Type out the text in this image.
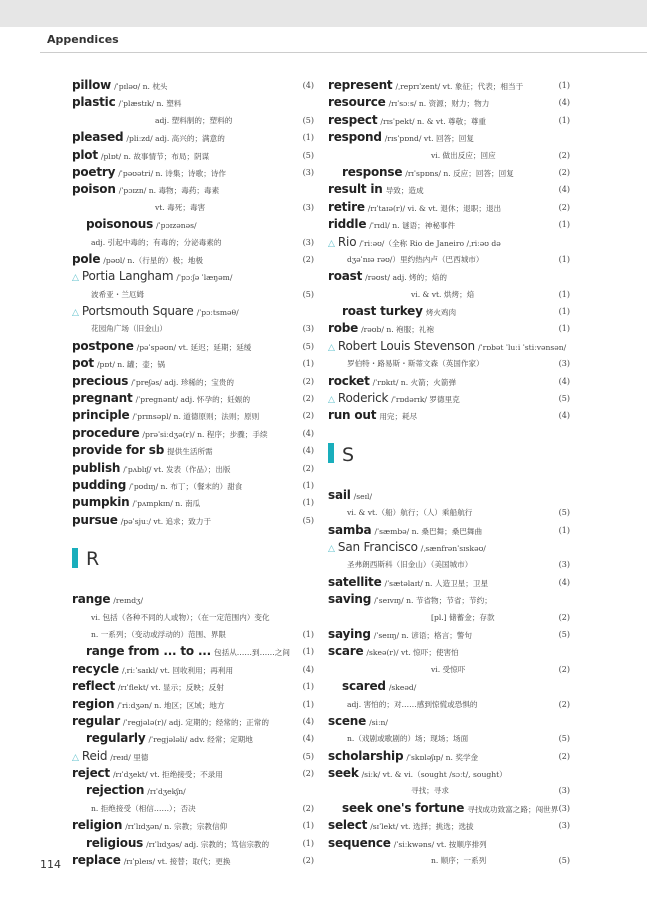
Appendices
pillow /ˈpɪləʊ/ n. 枕头	(4)
plastic /ˈplæstɪk/ n. 塑料
adj. 塑料制的；塑料的	(5)
pleased /pliːzd/ adj. 高兴的；满意的	(1)
plot /plɒt/ n. 故事情节；布局；阴谋	(5)
poetry /ˈpəʊətri/ n. 诗集；诗歌；诗作	(3)
poison /ˈpɔɪzn/ n. 毒物；毒药；毒素
vt. 毒死；毒害	(3)
poisonous /ˈpɔɪzənəs/
adj. 引起中毒的；有毒的；分泌毒素的	(3)
pole /pəʊl/ n.（行星的）极；地极	(2)
△ Portia Langham /ˈpɔːʃə ˈlæŋəm/
波希亚・兰厄姆	(5)
△ Portsmouth Square /ˈpɔːtsməθ/
花园角广场（旧金山）	(3)
postpone /pəˈspəʊn/ vt. 延迟；延期；延缓	(5)
pot /pɒt/ n. 罐；壶；锅	(1)
precious /ˈpreʃəs/ adj. 珍稀的；宝贵的	(2)
pregnant /ˈpregnənt/ adj. 怀孕的；妊娠的	(2)
principle /ˈprɪnsəpl/ n. 道德原则；法则；原则	(2)
procedure /prəˈsiːdʒə(r)/ n. 程序；步骤；手续	(4)
provide for sb 提供生活所需	(4)
publish /ˈpʌblɪʃ/ vt. 发表（作品）；出版	(2)
pudding /ˈpʊdɪŋ/ n. 布丁；（餐末的）甜食	(1)
pumpkin /ˈpʌmpkɪn/ n. 南瓜	(1)
pursue /pəˈsjuː/ vt. 追求；致力于	(5)
R
range /reɪndʒ/
vi. 包括（各种不同的人或物）；（在一定范围内）变化
n. 一系列；（变动或浮动的）范围、界限	(1)
range from ... to ... 包括从……到……之间 (1)
recycle /ˌriːˈsaɪkl/ vt. 回收利用；再利用	(4)
reflect /rɪˈflekt/ vt. 显示；反映；反射	(1)
region /ˈriːdʒən/ n. 地区；区域；地方	(1)
regular /ˈregjələ(r)/ adj. 定期的；经常的；正常的	(4)
regularly /ˈregjələli/ adv. 经常；定期地	(4)
△ Reid /reɪd/ 里德	(5)
reject /rɪˈdʒekt/ vt. 拒绝接受；不录用	(2)
rejection /rɪˈdʒekʃn/
n. 拒绝接受（相信……）；否决	(2)
religion /rɪˈlɪdʒən/ n. 宗教；宗教信仰	(1)
religious /rɪˈlɪdʒəs/ adj. 宗教的；笃信宗教的	(1)
replace /rɪˈpleɪs/ vt. 接替；取代；更换	(2)
represent /ˌreprɪˈzent/ vt. 象征；代表；相当于	(1)
resource /rɪˈsɔːs/ n. 资源；财力；物力	(4)
respect /rɪsˈpekt/ n. & vt. 尊敬；尊重	(1)
respond /rɪsˈpɒnd/ vt. 回答；回复
vi. 做出反应；回应	(2)
response /rɪˈspɒns/ n. 反应；回答；回复	(2)
result in 导致；造成	(4)
retire /rɪˈtaɪə(r)/ vi. & vt. 退休；退职；退出	(2)
riddle /ˈrɪdl/ n. 谜语；神秘事件	(1)
△ Rio /ˈriːəʊ/（全称 Rio de Janeiro /ˌriːəʊ də
dʒəˈnɪə rəʊ/）里约热内卢（巴西城市）	(1)
roast /rəʊst/ adj. 烤的；焙的
vi. & vt. 烘烤；焙	(1)
roast turkey 烤火鸡肉	(1)
robe /rəʊb/ n. 袍服；礼袍	(1)
△ Robert Louis Stevenson /ˈrɒbət ˈluːi ˈstiːvənsən/
罗伯特・路易斯・斯蒂文森（英国作家）	(3)
rocket /ˈrɒkɪt/ n. 火箭；火箭弹	(4)
△ Roderick /ˈrɒdərɪk/ 罗德里克	(5)
run out 用完；耗尽	(4)
S
sail /seɪl/
vi. & vt.（船）航行；（人）乘船航行	(5)
samba /ˈsæmbə/ n. 桑巴舞；桑巴舞曲	(1)
△ San Francisco /ˌsænfrənˈsɪskəʊ/
圣弗朗西斯科（旧金山）（美国城市）	(3)
satellite /ˈsætəlaɪt/ n. 人造卫星；卫星	(4)
saving /ˈseɪvɪŋ/ n. 节省物；节省；节约；
[pl.] 储蓄金；存款	(2)
saying /ˈseɪɪŋ/ n. 谚语；格言；警句	(5)
scare /skeə(r)/ vt. 惊吓；使害怕
vi. 受惊吓	(2)
scared /skeəd/
adj. 害怕的；对……感到惊慌或恐惧的	(2)
scene /siːn/
n.（戏剧或歌剧的）场；现场；场面	(5)
scholarship /ˈskɒləʃɪp/ n. 奖学金	(2)
seek /siːk/ vt. & vi.（sought /sɔːt/, sought）
寻找；寻求	(3)
seek one's fortune 寻找成功致富之路；闯世界 (3)
select /sɪˈlekt/ vt. 选择；挑选；选拔	(3)
sequence /ˈsiːkwəns/ vt. 按顺序排列
n. 顺序；一系列	(5)
114
